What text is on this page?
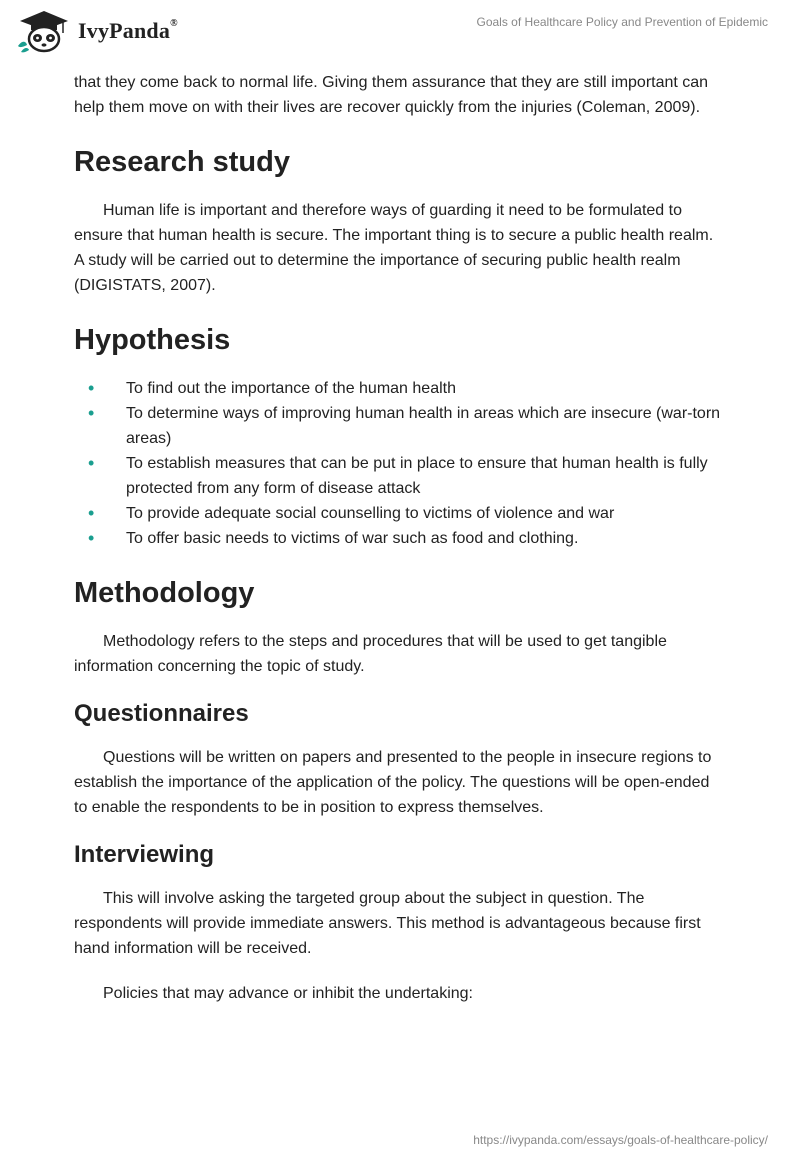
IvyPanda®	Goals of Healthcare Policy and Prevention of Epidemic

that they come back to normal life. Giving them assurance that they are still important can help them move on with their lives are recover quickly from the injuries (Coleman, 2009).

Research study

Human life is important and therefore ways of guarding it need to be formulated to ensure that human health is secure. The important thing is to secure a public health realm. A study will be carried out to determine the importance of securing public health realm (DIGISTATS, 2007).

Hypothesis
• To find out the importance of the human health
• To determine ways of improving human health in areas which are insecure (war-torn areas)
• To establish measures that can be put in place to ensure that human health is fully protected from any form of disease attack
• To provide adequate social counselling to victims of violence and war
• To offer basic needs to victims of war such as food and clothing.
Methodology

Methodology refers to the steps and procedures that will be used to get tangible information concerning the topic of study.

Questionnaires

Questions will be written on papers and presented to the people in insecure regions to establish the importance of the application of the policy. The questions will be open-ended to enable the respondents to be in position to express themselves.

Interviewing

This will involve asking the targeted group about the subject in question. The respondents will provide immediate answers. This method is advantageous because first hand information will be received.

Policies that may advance or inhibit the undertaking:

https://ivypanda.com/essays/goals-of-healthcare-policy/
